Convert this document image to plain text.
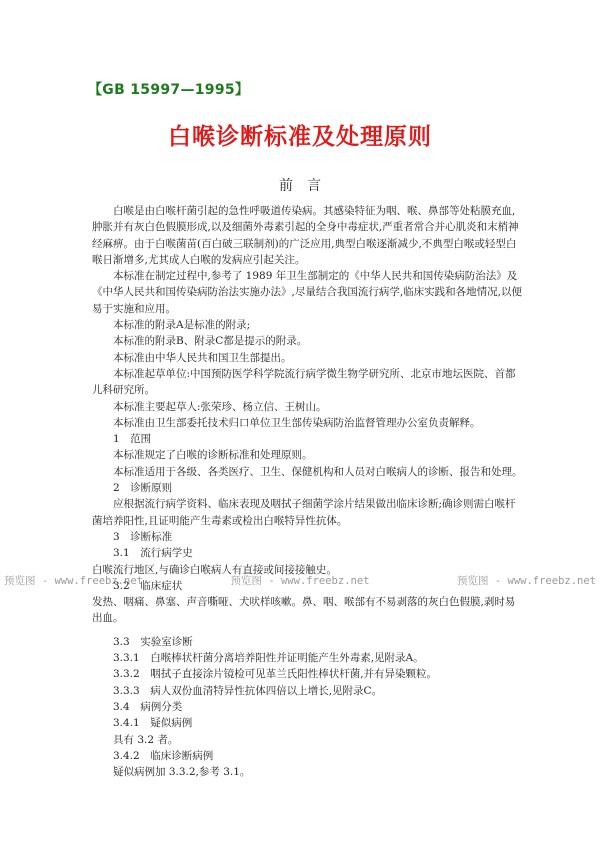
【GB 15997—1995】
白喉诊断标准及处理原则
前言
白喉是由白喉杆菌引起的急性呼吸道传染病。其感染特征为咽、喉、鼻部等处粘膜充血,肿胀并有灰白色假膜形成,以及细菌外毒素引起的全身中毒症状,严重者常合并心肌炎和末梢神经麻痹。由于白喉菌苗(百白破三联制剂)的广泛应用,典型白喉逐渐减少,不典型白喉或轻型白喉日渐增多,尤其成人白喉的发病应引起关注。
本标准在制定过程中,参考了 1989 年卫生部制定的《中华人民共和国传染病防治法》及《中华人民共和国传染病防治法实施办法》,尽量结合我国流行病学,临床实践和各地情况,以便易于实施和应用。
本标准的附录A是标准的附录;
本标准的附录B、附录C都是提示的附录。
本标准由中华人民共和国卫生部提出。
本标准起草单位:中国预防医学科学院流行病学微生物学研究所、北京市地坛医院、首都儿科研究所。
本标准主要起草人:张荣珍、杨立信、王树山。
本标准由卫生部委托技术归口单位卫生部传染病防治监督管理办公室负责解释。
1　范围
本标准规定了白喉的诊断标准和处理原则。
本标准适用于各级、各类医疗、卫生、保健机构和人员对白喉病人的诊断、报告和处理。
2　诊断原则
应根据流行病学资料、临床表现及咽拭子细菌学涂片结果做出临床诊断;确诊则需白喉杆菌培养阳性,且证明能产生毒素或检出白喉特异性抗体。
3　诊断标准
3.1　流行病学史
白喉流行地区,与确诊白喉病人有直接或间接接触史。
3.2　临床症状
发热、咽痛、鼻塞、声音嘶哑、犬吠样咳嗽。鼻、咽、喉部有不易剥落的灰白色假膜,剥时易出血。
3.3　实验室诊断
3.3.1　白喉棒状杆菌分离培养阳性并证明能产生外毒素,见附录A。
3.3.2　咽拭子直接涂片镜检可见革兰氏阳性棒状杆菌,并有异染颗粒。
3.3.3　病人双份血清特异性抗体四倍以上增长,见附录C。
3.4　病例分类
3.4.1　疑似病例
具有 3.2 者。
3.4.2　临床诊断病例
疑似病例加 3.3.2,参考 3.1。
预览图 - www.freebz.net	预览图 - www.freebz.net	预览图 - www.freebz.net
